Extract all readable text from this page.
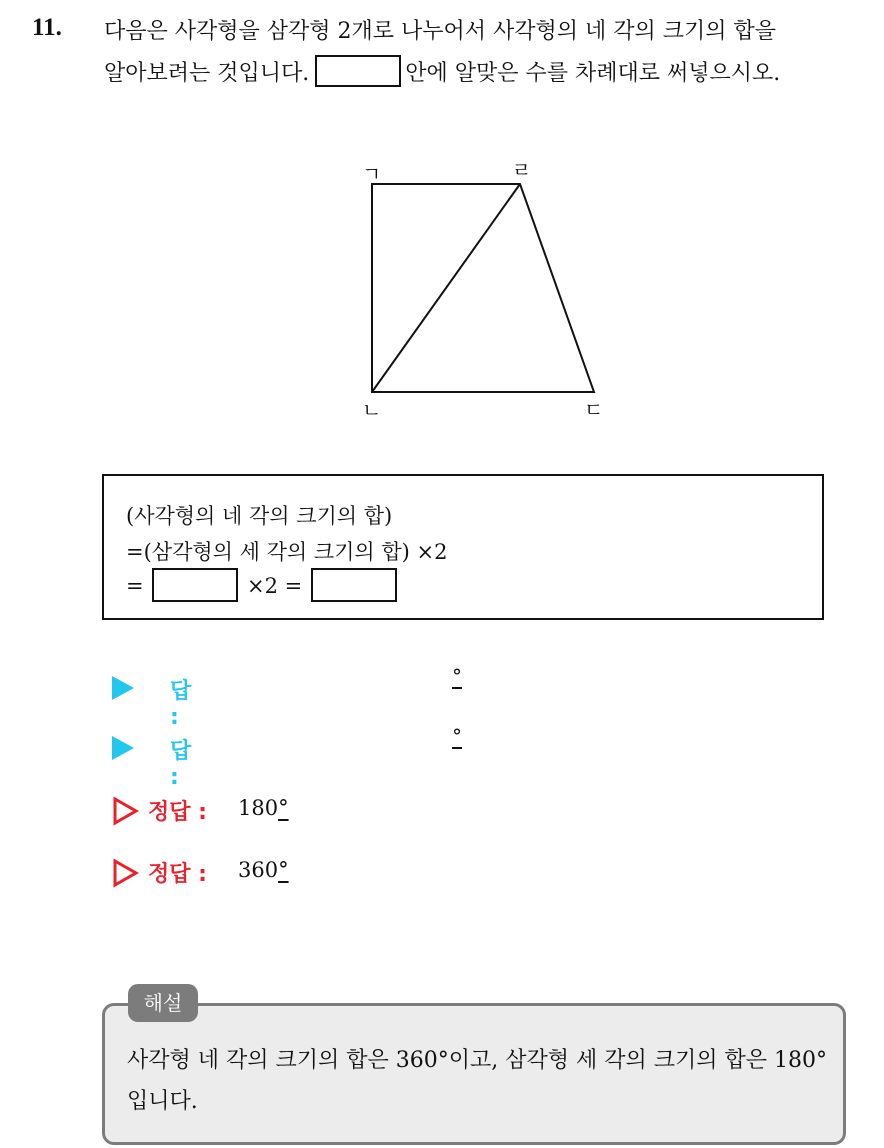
11. 다음은 사각형을 삼각형 2개로 나누어서 사각형의 네 각의 크기의 합을
알아보려는 것입니다.	안에 알맞은 수를 차례대로 써넣으시오.
ㄱ	ㄹ
ㄴ	ㄷ
(사각형의 네 각의 크기의 합)
=(삼각형의 세 각의 크기의 합) ×2
=	×2 =
답 :
°
답 :
°
정답 : 180°
정답 : 360°
사각형 네 각의 크기의 합은 360°이고, 삼각형 세 각의 크기의 합은 180°입니다.
해설
